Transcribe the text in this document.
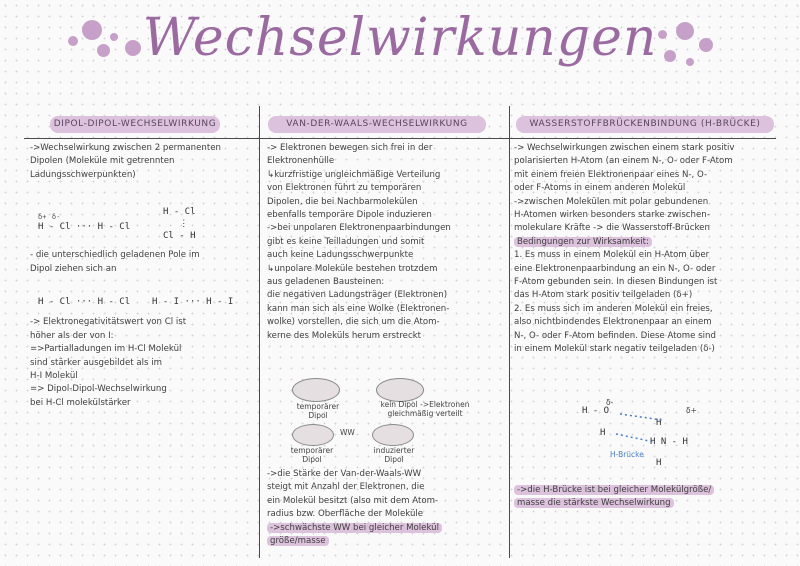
Wechselwirkungen
DIPOL-DIPOL-WECHSELWIRKUNG	VAN-DER-WAALS-WECHSELWIRKUNG	WASSERSTOFFBRÜCKENBINDUNG (H-BRÜCKE)

->Wechselwirkung zwischen 2 permanenten

Dipolen (Moleküle mit getrennten

Ladungsschwerpunkten)

- die unterschiedlich geladenen Pole im

Dipol ziehen sich an

-> Elektronegativitätswert von Cl ist

höher als der von I:

=>Partialladungen im H-Cl Molekül

sind stärker ausgebildet als im

H-I Molekül

=> Dipol-Dipol-Wechselwirkung

bei H-Cl molekülstärker

δ+ δ-
H - Cl ··· H - Cl
H - Cl
⋮
Cl - H
H - Cl ··· H - Cl H - I ··· H - I

-> Elektronen bewegen sich frei in der

Elektronenhülle

↳kurzfristige ungleichmäßige Verteilung

von Elektronen führt zu temporären

Dipolen, die bei Nachbarmolekülen

ebenfalls temporäre Dipole induzieren

->bei unpolaren Elektronenpaarbindungen

gibt es keine Teilladungen und somit

auch keine Ladungsschwerpunkte

↳unpolare Moleküle bestehen trotzdem

aus geladenen Bausteinen:

die negativen Ladungsträger (Elektronen)

kann man sich als eine Wolke (Elektronen-

wolke) vorstellen, die sich um die Atom-

kerne des Moleküls herum erstreckt

temporärer Dipol
kein Dipol ->Elektronen gleichmäßig verteilt
WW
temporärer Dipol
induzierter Dipol

->die Stärke der Van-der-Waals-WW

steigt mit Anzahl der Elektronen, die

ein Molekül besitzt (also mit dem Atom-

radius bzw. Oberfläche der Moleküle

->schwächste WW bei gleicher Molekül

größe/masse

-> Wechselwirkungen zwischen einem stark positiv

polarisierten H-Atom (an einem N-, O- oder F-Atom

mit einem freien Elektronenpaar eines N-, O-

oder F-Atoms in einem anderen Molekül

->zwischen Molekülen mit polar gebundenen

H-Atomen wirken besonders starke zwischen-

molekulare Kräfte -> die Wasserstoff-Brücken

Bedingungen zur Wirksamkeit:

1. Es muss in einem Molekül ein H-Atom über

eine Elektronenpaarbindung an ein N-, O- oder

F-Atom gebunden sein. In diesen Bindungen ist

das H-Atom stark positiv teilgeladen (δ+)

2. Es muss sich im anderen Molekül ein freies,

also nichtbindendes Elektronenpaar an einem

N-, O- oder F-Atom befinden. Diese Atome sind

in einem Molekül stark negativ teilgeladen (δ-)

H - O
H
H
H N - H
H
H-Brücke
δ+
δ-

->die H-Brücke ist bei gleicher Molekülgröße/

masse die stärkste Wechselwirkung
